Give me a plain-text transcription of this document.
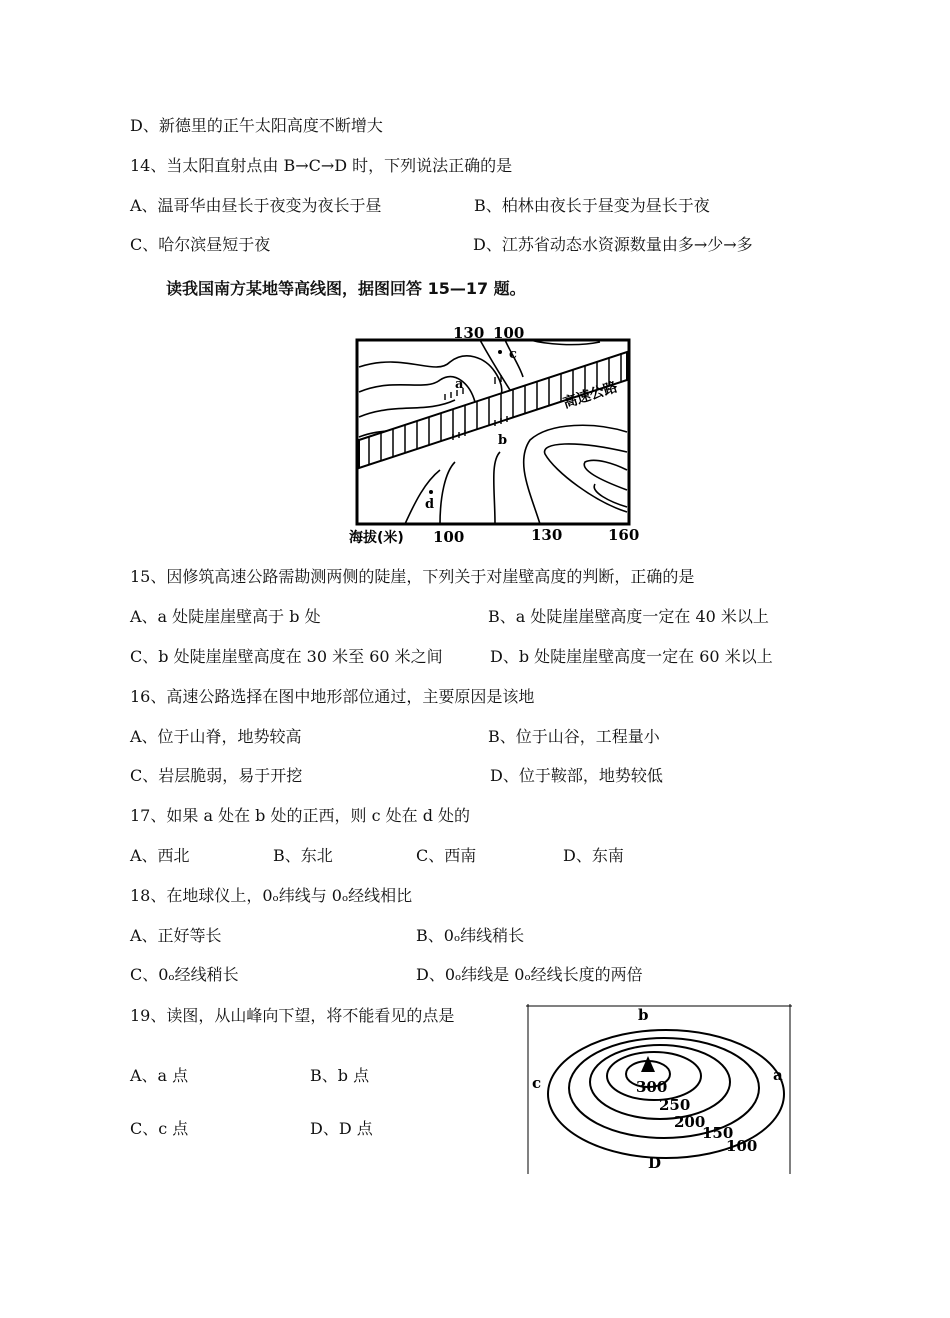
D、新德里的正午太阳高度不断增大
14、当太阳直射点由 B→C→D 时，下列说法正确的是
A、温哥华由昼长于夜变为夜长于昼	B、柏林由夜长于昼变为昼长于夜
C、哈尔滨昼短于夜	D、江苏省动态水资源数量由多→少→多
读我国南方某地等高线图，据图回答 15—17 题。
130 100
a
b
c
d
高速公路
海拔(米) 100	130	160
15、因修筑高速公路需勘测两侧的陡崖，下列关于对崖壁高度的判断，正确的是
A、a 处陡崖崖壁高于 b 处	B、a 处陡崖崖壁高度一定在 40 米以上
C、b 处陡崖崖壁高度在 30 米至 60 米之间	D、b 处陡崖崖壁高度一定在 60 米以上
16、高速公路选择在图中地形部位通过，主要原因是该地
A、位于山脊，地势较高	B、位于山谷，工程量小
C、岩层脆弱，易于开挖	D、位于鞍部，地势较低
17、如果 a 处在 b 处的正西，则 c 处在 d 处的
A、西北	B、东北	C、西南	D、东南
18、在地球仪上，0ₒ纬线与 0ₒ经线相比
A、正好等长	B、0ₒ纬线稍长
C、0ₒ经线稍长	D、0ₒ纬线是 0ₒ经线长度的两倍
19、读图，从山峰向下望，将不能看见的点是
A、a 点	B、b 点
C、c 点	D、D 点
300
250
200
150
100
b
c	a
D
